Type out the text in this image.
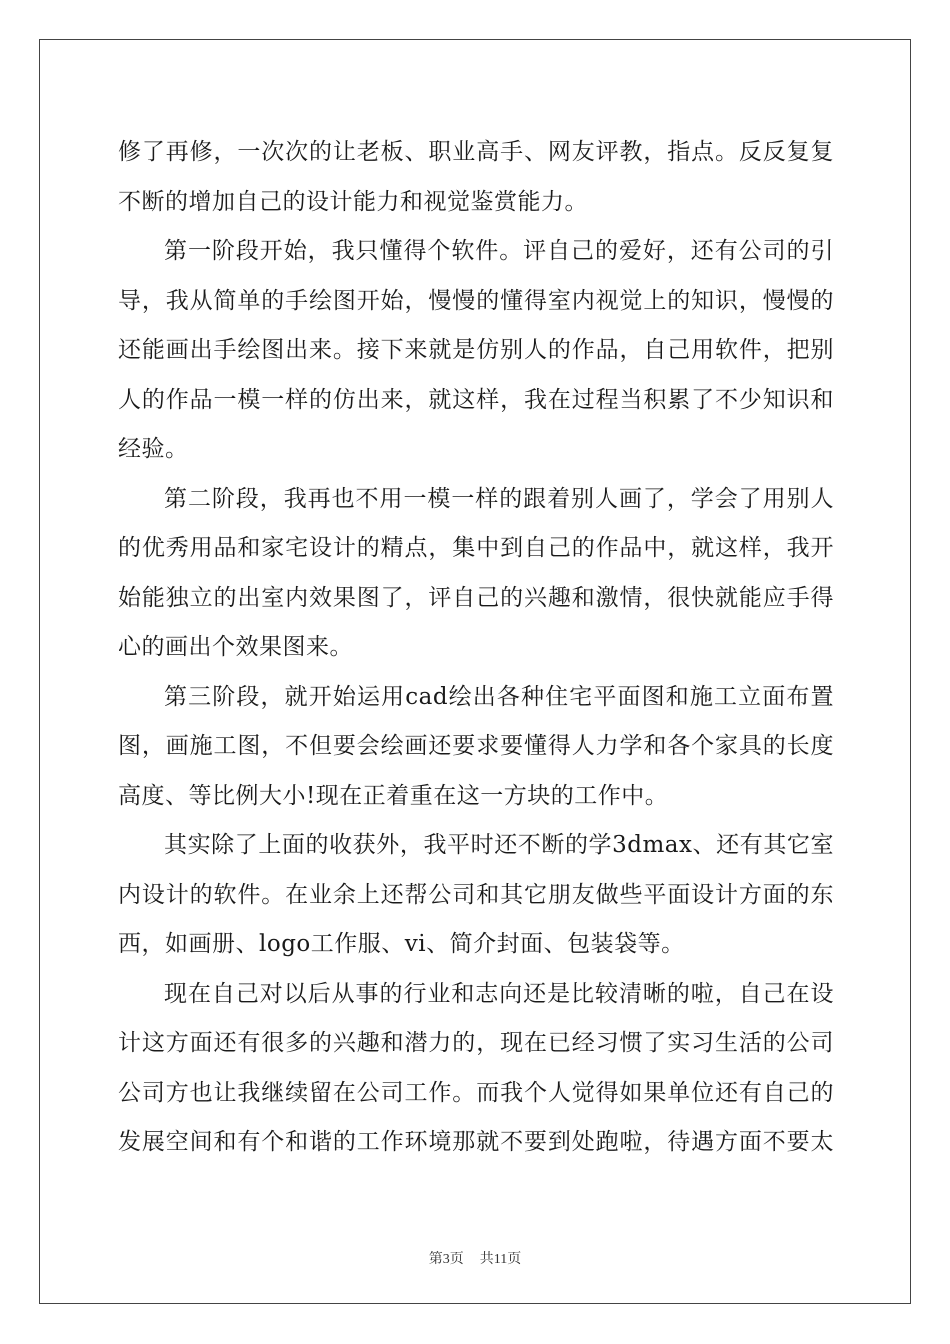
修了再修，一次次的让老板、职业高手、网友评教，指点。反反复复
不断的增加自己的设计能力和视觉鉴赏能力。
第一阶段开始，我只懂得个软件。评自己的爱好，还有公司的引
导，我从简单的手绘图开始，慢慢的懂得室内视觉上的知识，慢慢的
还能画出手绘图出来。接下来就是仿别人的作品，自己用软件，把别
人的作品一模一样的仿出来，就这样，我在过程当积累了不少知识和
经验。
第二阶段，我再也不用一模一样的跟着别人画了，学会了用别人
的优秀用品和家宅设计的精点，集中到自己的作品中，就这样，我开
始能独立的出室内效果图了，评自己的兴趣和激情，很快就能应手得
心的画出个效果图来。
第三阶段，就开始运用cad绘出各种住宅平面图和施工立面布置
图，画施工图，不但要会绘画还要求要懂得人力学和各个家具的长度
高度、等比例大小!现在正着重在这一方块的工作中。
其实除了上面的收获外，我平时还不断的学3dmax、还有其它室
内设计的软件。在业余上还帮公司和其它朋友做些平面设计方面的东
西，如画册、logo工作服、vi、简介封面、包装袋等。
现在自己对以后从事的行业和志向还是比较清晰的啦，自己在设
计这方面还有很多的兴趣和潜力的，现在已经习惯了实习生活的公司
公司方也让我继续留在公司工作。而我个人觉得如果单位还有自己的
发展空间和有个和谐的工作环境那就不要到处跑啦，待遇方面不要太
第3页 共11页
